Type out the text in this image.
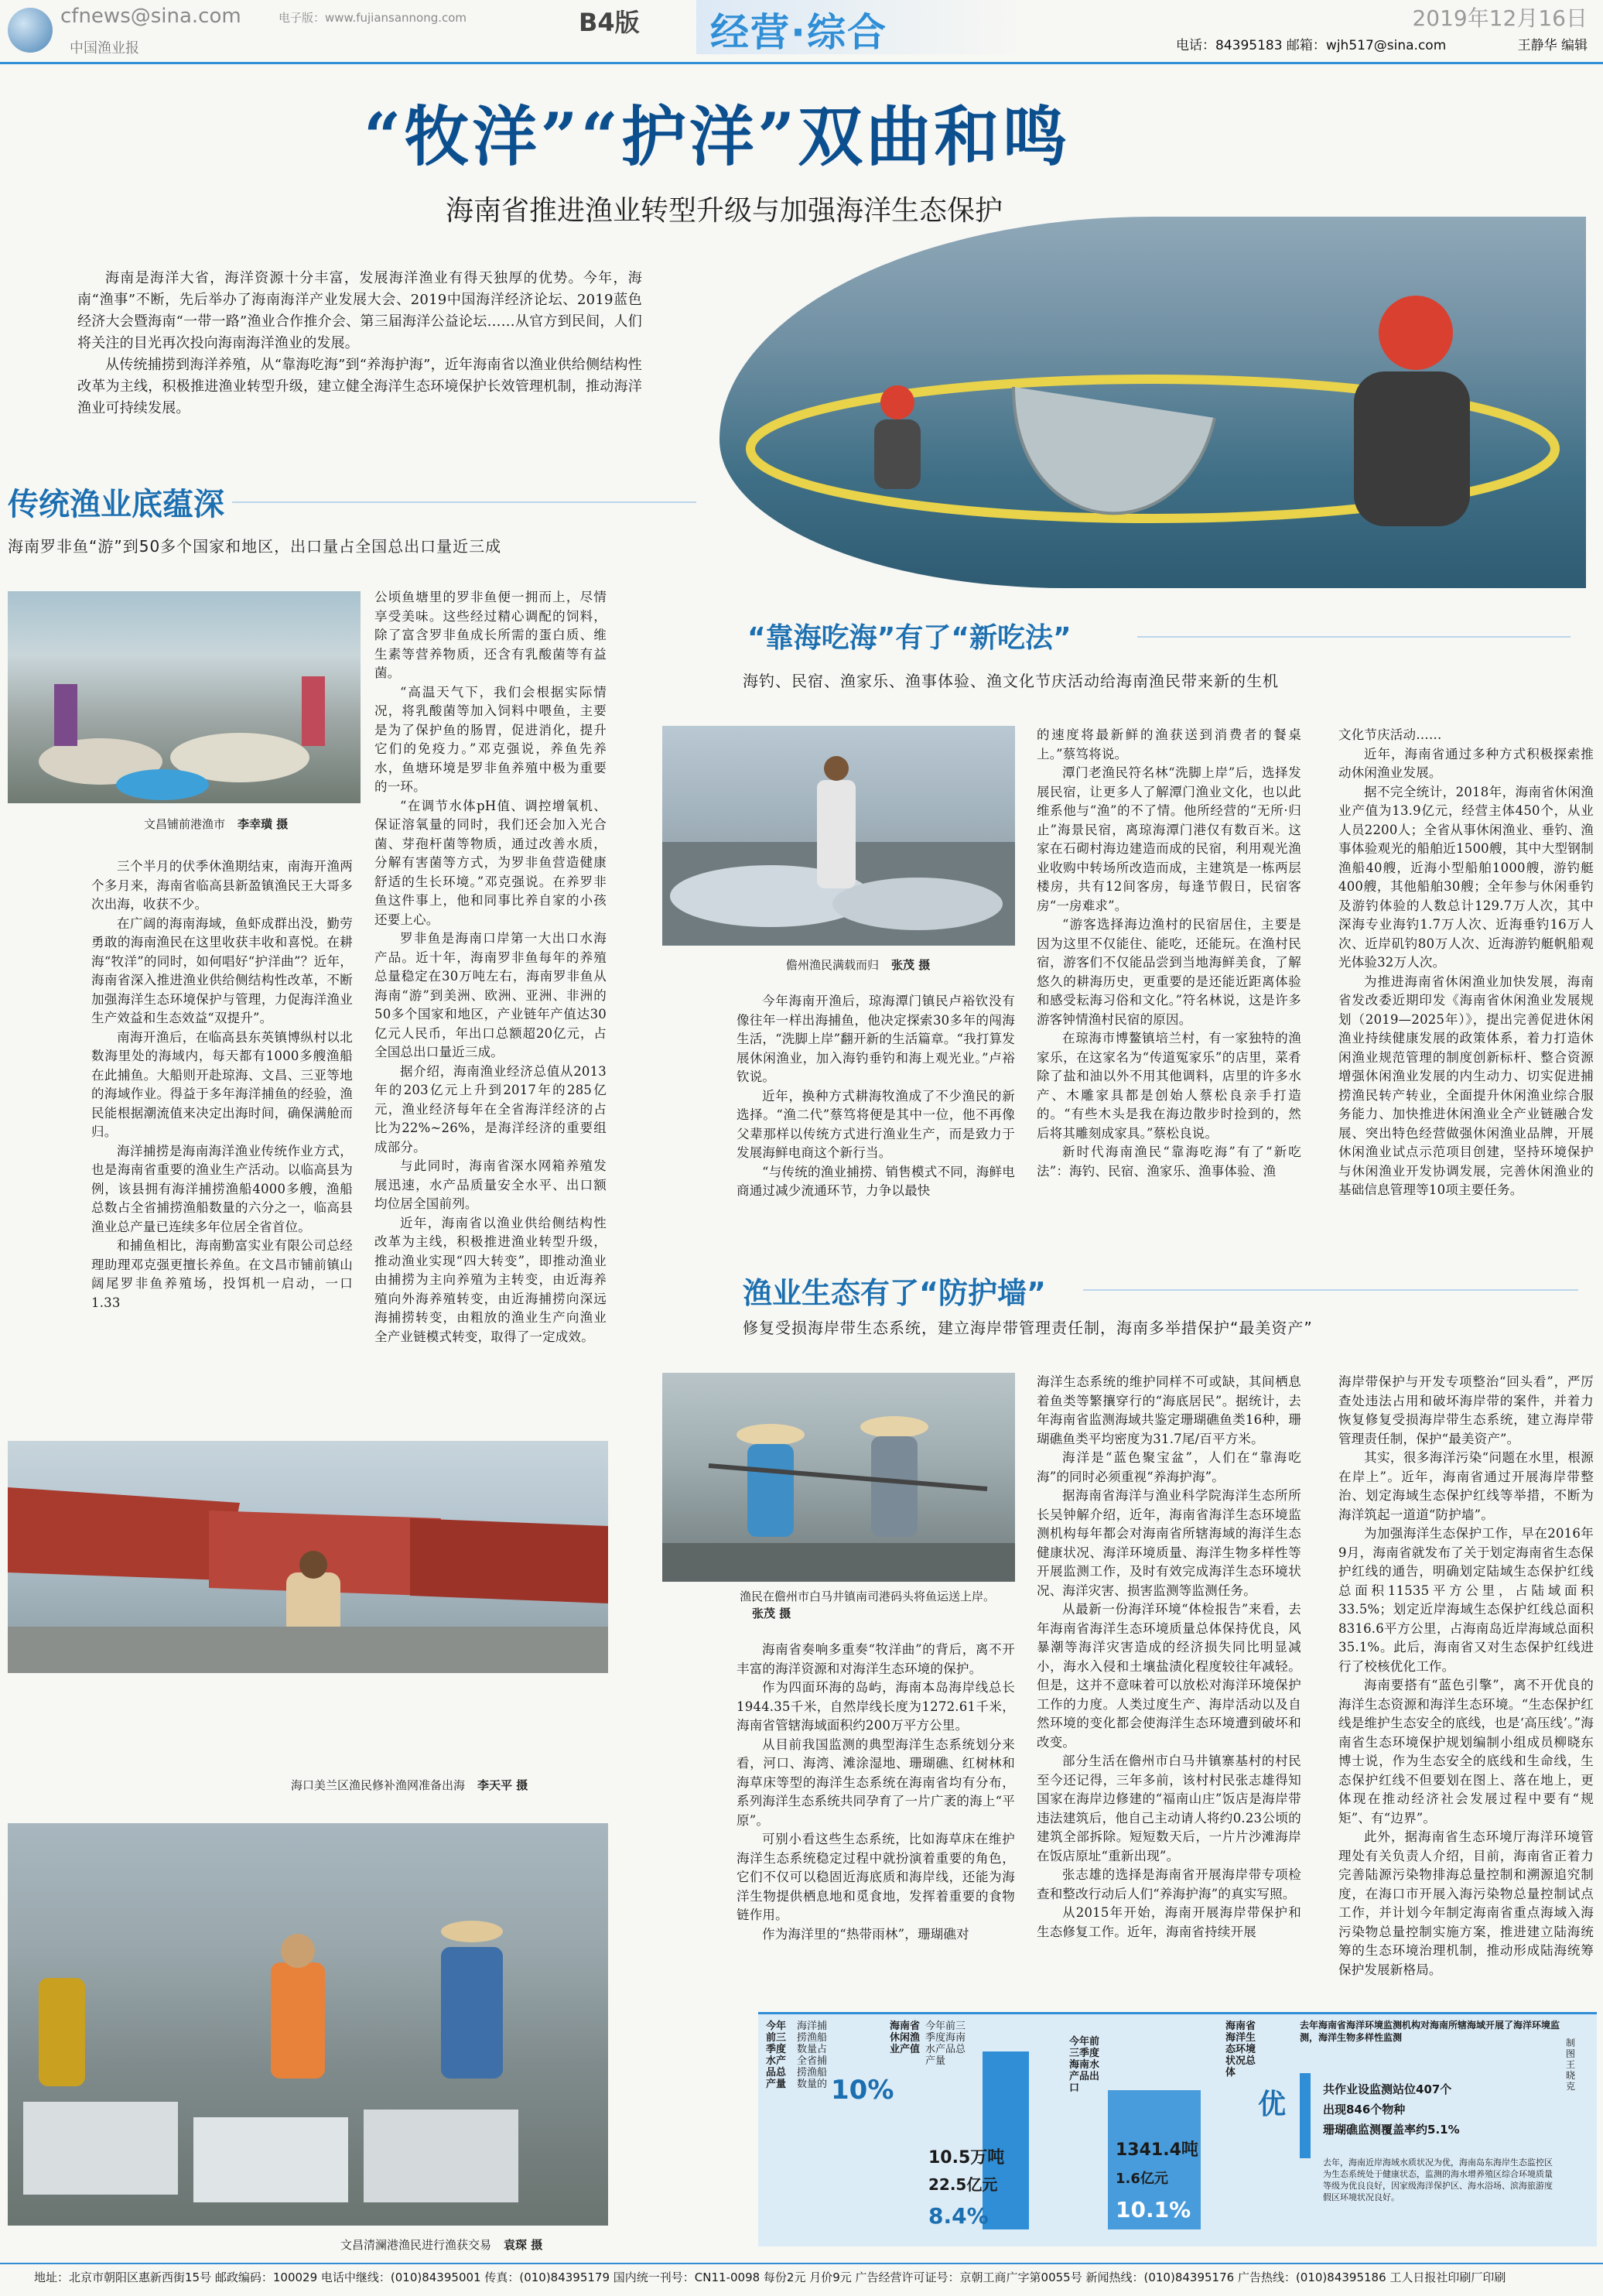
cfnews@sina.com	电子版：www.fujiansannong.com
中国渔业报
B4版 经营·综合	2019年12月16日
电话：84395183 邮箱：wjh517@sina.com	王静华 编辑
“牧洋”“护洋”双曲和鸣
海南省推进渔业转型升级与加强海洋生态保护

海南是海洋大省，海洋资源十分丰富，发展海洋渔业有得天独厚的优势。今年，海南“渔事”不断，先后举办了海南海洋产业发展大会、2019中国海洋经济论坛、2019蓝色经济大会暨海南“一带一路”渔业合作推介会、第三届海洋公益论坛……从官方到民间，人们将关注的目光再次投向海南海洋渔业的发展。

从传统捕捞到海洋养殖，从“靠海吃海”到“养海护海”，近年海南省以渔业供给侧结构性改革为主线，积极推进渔业转型升级，建立健全海洋生态环境保护长效管理机制，推动海洋渔业可持续发展。

传统渔业底蕴深
海南罗非鱼“游”到50多个国家和地区，出口量占全国总出口量近三成
文昌铺前港渔市 李幸璜 摄

三个半月的伏季休渔期结束，南海开渔两个多月来，海南省临高县新盈镇渔民王大哥多次出海，收获不少。

在广阔的海南海域，鱼虾成群出没，勤劳勇敢的海南渔民在这里收获丰收和喜悦。在耕海“牧洋”的同时，如何唱好“护洋曲”？近年，海南省深入推进渔业供给侧结构性改革，不断加强海洋生态环境保护与管理，力促海洋渔业生产效益和生态效益“双提升”。

南海开渔后，在临高县东英镇博纵村以北数海里处的海域内，每天都有1000多艘渔船在此捕鱼。大船则开赴琼海、文昌、三亚等地的海域作业。得益于多年海洋捕鱼的经验，渔民能根据潮流值来决定出海时间，确保满舱而归。

海洋捕捞是海南海洋渔业传统作业方式，也是海南省重要的渔业生产活动。以临高县为例，该县拥有海洋捕捞渔船4000多艘，渔船总数占全省捕捞渔船数量的六分之一，临高县渔业总产量已连续多年位居全省首位。

和捕鱼相比，海南勤富实业有限公司总经理助理邓克强更擅长养鱼。在文昌市铺前镇山阔尾罗非鱼养殖场，投饵机一启动，一口1.33

公顷鱼塘里的罗非鱼便一拥而上，尽情享受美味。这些经过精心调配的饲料，除了富含罗非鱼成长所需的蛋白质、维生素等营养物质，还含有乳酸菌等有益菌。

“高温天气下，我们会根据实际情况，将乳酸菌等加入饲料中喂鱼，主要是为了保护鱼的肠胃，促进消化，提升它们的免疫力。”邓克强说，养鱼先养水，鱼塘环境是罗非鱼养殖中极为重要的一环。

“在调节水体pH值、调控增氧机、保证溶氧量的同时，我们还会加入光合菌、芽孢杆菌等物质，通过改善水质，分解有害菌等方式，为罗非鱼营造健康舒适的生长环境。”邓克强说。在养罗非鱼这件事上，他和同事比养自家的小孩还要上心。

罗非鱼是海南口岸第一大出口水海产品。近十年，海南罗非鱼每年的养殖总量稳定在30万吨左右，海南罗非鱼从海南“游”到美洲、欧洲、亚洲、非洲的50多个国家和地区，产业链年产值达30亿元人民币，年出口总额超20亿元，占全国总出口量近三成。

据介绍，海南渔业经济总值从2013年的203亿元上升到2017年的285亿元，渔业经济每年在全省海洋经济的占比为22%~26%，是海洋经济的重要组成部分。

与此同时，海南省深水网箱养殖发展迅速，水产品质量安全水平、出口额均位居全国前列。

近年，海南省以渔业供给侧结构性改革为主线，积极推进渔业转型升级，推动渔业实现“四大转变”，即推动渔业由捕捞为主向养殖为主转变，由近海养殖向外海养殖转变，由近海捕捞向深远海捕捞转变，由粗放的渔业生产向渔业全产业链模式转变，取得了一定成效。

海口美兰区渔民修补渔网准备出海 李天平 摄
文昌清澜港渔民进行渔获交易 袁琛 摄
“靠海吃海”有了“新吃法”
海钓、民宿、渔家乐、渔事体验、渔文化节庆活动给海南渔民带来新的生机
儋州渔民满载而归 张茂 摄

今年海南开渔后，琼海潭门镇民卢裕钦没有像往年一样出海捕鱼，他决定探索30多年的闯海生活，“洗脚上岸”翻开新的生活篇章。“我打算发展休闲渔业，加入海钓垂钓和海上观光业。”卢裕钦说。

近年，换种方式耕海牧渔成了不少渔民的新选择。“渔二代”蔡笃将便是其中一位，他不再像父辈那样以传统方式进行渔业生产，而是致力于发展海鲜电商这个新行当。

“与传统的渔业捕捞、销售模式不同，海鲜电商通过减少流通环节，力争以最快

的速度将最新鲜的渔获送到消费者的餐桌上。”蔡笃将说。

潭门老渔民符名林“洗脚上岸”后，选择发展民宿，让更多人了解潭门渔业文化，也以此维系他与“渔”的不了情。他所经营的“无所·归止”海景民宿，离琼海潭门港仅有数百米。这家在石砌村海边建造而成的民宿，利用观光渔业收购中转场所改造而成，主建筑是一栋两层楼房，共有12间客房，每逢节假日，民宿客房“一房难求”。

“游客选择海边渔村的民宿居住，主要是因为这里不仅能住、能吃，还能玩。在渔村民宿，游客们不仅能品尝到当地海鲜美食，了解悠久的耕海历史，更重要的是还能近距离体验和感受耘海习俗和文化。”符名林说，这是许多游客钟情渔村民宿的原因。

在琼海市博鳌镇培兰村，有一家独特的渔家乐，在这家名为“传道冤家乐”的店里，菜肴除了盐和油以外不用其他调料，店里的许多水产、木雕家具都是创始人蔡松良亲手打造的。“有些木头是我在海边散步时捡到的，然后将其雕刻成家具。”蔡松良说。

新时代海南渔民“靠海吃海”有了“新吃法”：海钓、民宿、渔家乐、渔事体验、渔

文化节庆活动……

近年，海南省通过多种方式积极探索推动休闲渔业发展。

据不完全统计，2018年，海南省休闲渔业产值为13.9亿元，经营主体450个，从业人员2200人；全省从事休闲渔业、垂钓、渔事体验观光的船舶近1500艘，其中大型钢制渔船40艘，近海小型船舶1000艘，游钓艇400艘，其他船舶30艘；全年参与休闲垂钓及游钓体验的人数总计129.7万人次，其中深海专业海钓1.7万人次、近海垂钓16万人次、近岸矶钓80万人次、近海游钓艇帆船观光体验32万人次。

为推进海南省休闲渔业加快发展，海南省发改委近期印发《海南省休闲渔业发展规划（2019—2025年）》，提出完善促进休闲渔业持续健康发展的政策体系，着力打造休闲渔业规范管理的制度创新标杆、整合资源增强休闲渔业发展的内生动力、切实促进捕捞渔民转产转业，全面提升休闲渔业综合服务能力、加快推进休闲渔业全产业链融合发展、突出特色经营做强休闲渔业品牌，开展休闲渔业试点示范项目创建，坚持环境保护与休闲渔业开发协调发展，完善休闲渔业的基础信息管理等10项主要任务。

渔业生态有了“防护墙”
修复受损海岸带生态系统，建立海岸带管理责任制，海南多举措保护“最美资产”
渔民在儋州市白马井镇南司港码头将鱼运送上岸。张茂 摄

海南省奏响多重奏“牧洋曲”的背后，离不开丰富的海洋资源和对海洋生态环境的保护。

作为四面环海的岛屿，海南本岛海岸线总长1944.35千米，自然岸线长度为1272.61千米，海南省管辖海域面积约200万平方公里。

从目前我国监测的典型海洋生态系统划分来看，河口、海湾、滩涂湿地、珊瑚礁、红树林和海草床等型的海洋生态系统在海南省均有分布，系列海洋生态系统共同孕育了一片广袤的海上“平原”。

可别小看这些生态系统，比如海草床在维护海洋生态系统稳定过程中就扮演着重要的角色，它们不仅可以稳固近海底质和海岸线，还能为海洋生物提供栖息地和觅食地，发挥着重要的食物链作用。

作为海洋里的“热带雨林”，珊瑚礁对

海洋生态系统的维护同样不可或缺，其间栖息着鱼类等繁攘穿行的“海底居民”。据统计，去年海南省监测海域共鉴定珊瑚礁鱼类16种，珊瑚礁鱼类平均密度为31.7尾/百平方米。

海洋是“蓝色聚宝盆”，人们在“靠海吃海”的同时必须重视“养海护海”。

据海南省海洋与渔业科学院海洋生态所所长吴钟解介绍，近年，海南省海洋生态环境监测机构每年都会对海南省所辖海域的海洋生态健康状况、海洋环境质量、海洋生物多样性等开展监测工作，及时有效完成海洋生态环境状况、海洋灾害、损害监测等监测任务。

从最新一份海洋环境“体检报告”来看，去年海南省海洋生态环境质量总体保持优良，风暴潮等海洋灾害造成的经济损失同比明显减小，海水入侵和土壤盐渍化程度较往年减轻。但是，这并不意味着可以放松对海洋环境保护工作的力度。人类过度生产、海岸活动以及自然环境的变化都会使海洋生态环境遭到破坏和改变。

部分生活在儋州市白马井镇寨基村的村民至今还记得，三年多前，该村村民张志雄得知国家在海岸边修建的“福南山庄”饭店是海岸带违法建筑后，他自己主动请人将约0.23公顷的建筑全部拆除。短短数天后，一片片沙滩海岸在饭店原址“重新出现”。

张志雄的选择是海南省开展海岸带专项检查和整改行动后人们“养海护海”的真实写照。

从2015年开始，海南开展海岸带保护和生态修复工作。近年，海南省持续开展

海岸带保护与开发专项整治“回头看”，严厉查处违法占用和破坏海岸带的案件，并着力恢复修复受损海岸带生态系统，建立海岸带管理责任制，保护“最美资产”。

其实，很多海洋污染“问题在水里，根源在岸上”。近年，海南省通过开展海岸带整治、划定海域生态保护红线等举措，不断为海洋筑起一道道“防护墙”。

为加强海洋生态保护工作，早在2016年9月，海南省就发布了关于划定海南省生态保护红线的通告，明确划定陆域生态保护红线总面积11535平方公里，占陆域面积33.5%；划定近岸海域生态保护红线总面积8316.6平方公里，占海南岛近岸海域总面积35.1%。此后，海南省又对生态保护红线进行了校核优化工作。

海南要搭有“蓝色引擎”，离不开优良的海洋生态资源和海洋生态环境。“生态保护红线是维护生态安全的底线，也是‘高压线’。”海南省生态环境保护规划编制小组成员柳晓东博士说，作为生态安全的底线和生命线，生态保护红线不但要划在图上、落在地上，更体现在推动经济社会发展过程中要有“规矩”、有“边界”。

此外，据海南省生态环境厅海洋环境管理处有关负责人介绍，目前，海南省正着力完善陆源污染物排海总量控制和溯源追究制度，在海口市开展入海污染物总量控制试点工作，并计划今年制定海南省重点海域入海污染物总量控制实施方案，推进建立陆海统筹的生态环境治理机制，推动形成陆海统筹保护发展新格局。

今年前三季度水产品总产量
海洋捕捞渔船数量占全省捕捞渔船数量的 10%
海南省休闲渔业产值
今年前三季度海南水产品总产量
10.5万吨
22.5亿元
8.4%
今年前三季度海南水产品出口
1341.4吨
1.6亿元
10.1%
海南省海洋生态环境状况总体
优
去年海南省海洋环境监测机构对海南所辖海域开展了海洋环境监测，海洋生物多样性监测
共作业设监测站位407个
出现846个物种
珊瑚礁监测覆盖率约5.1%
去年，海南近岸海域水质状况为优，海南岛东海岸生态监控区为生态系统处于健康状态，监测的海水增养殖区综合环境质量等级为优良良好，因家级海洋保护区、海水浴场、滨海旅游度假区环境状况良好。
制图 王晓克
地址：北京市朝阳区惠新西街15号 邮政编码：100029 电话中继线：(010)84395001 传真：(010)84395179 国内统一刊号：CN11-0098 每份2元 月价9元 广告经营许可证号：京朝工商广字第0055号 新闻热线：(010)84395176 广告热线：(010)84395186 工人日报社印刷厂印刷
